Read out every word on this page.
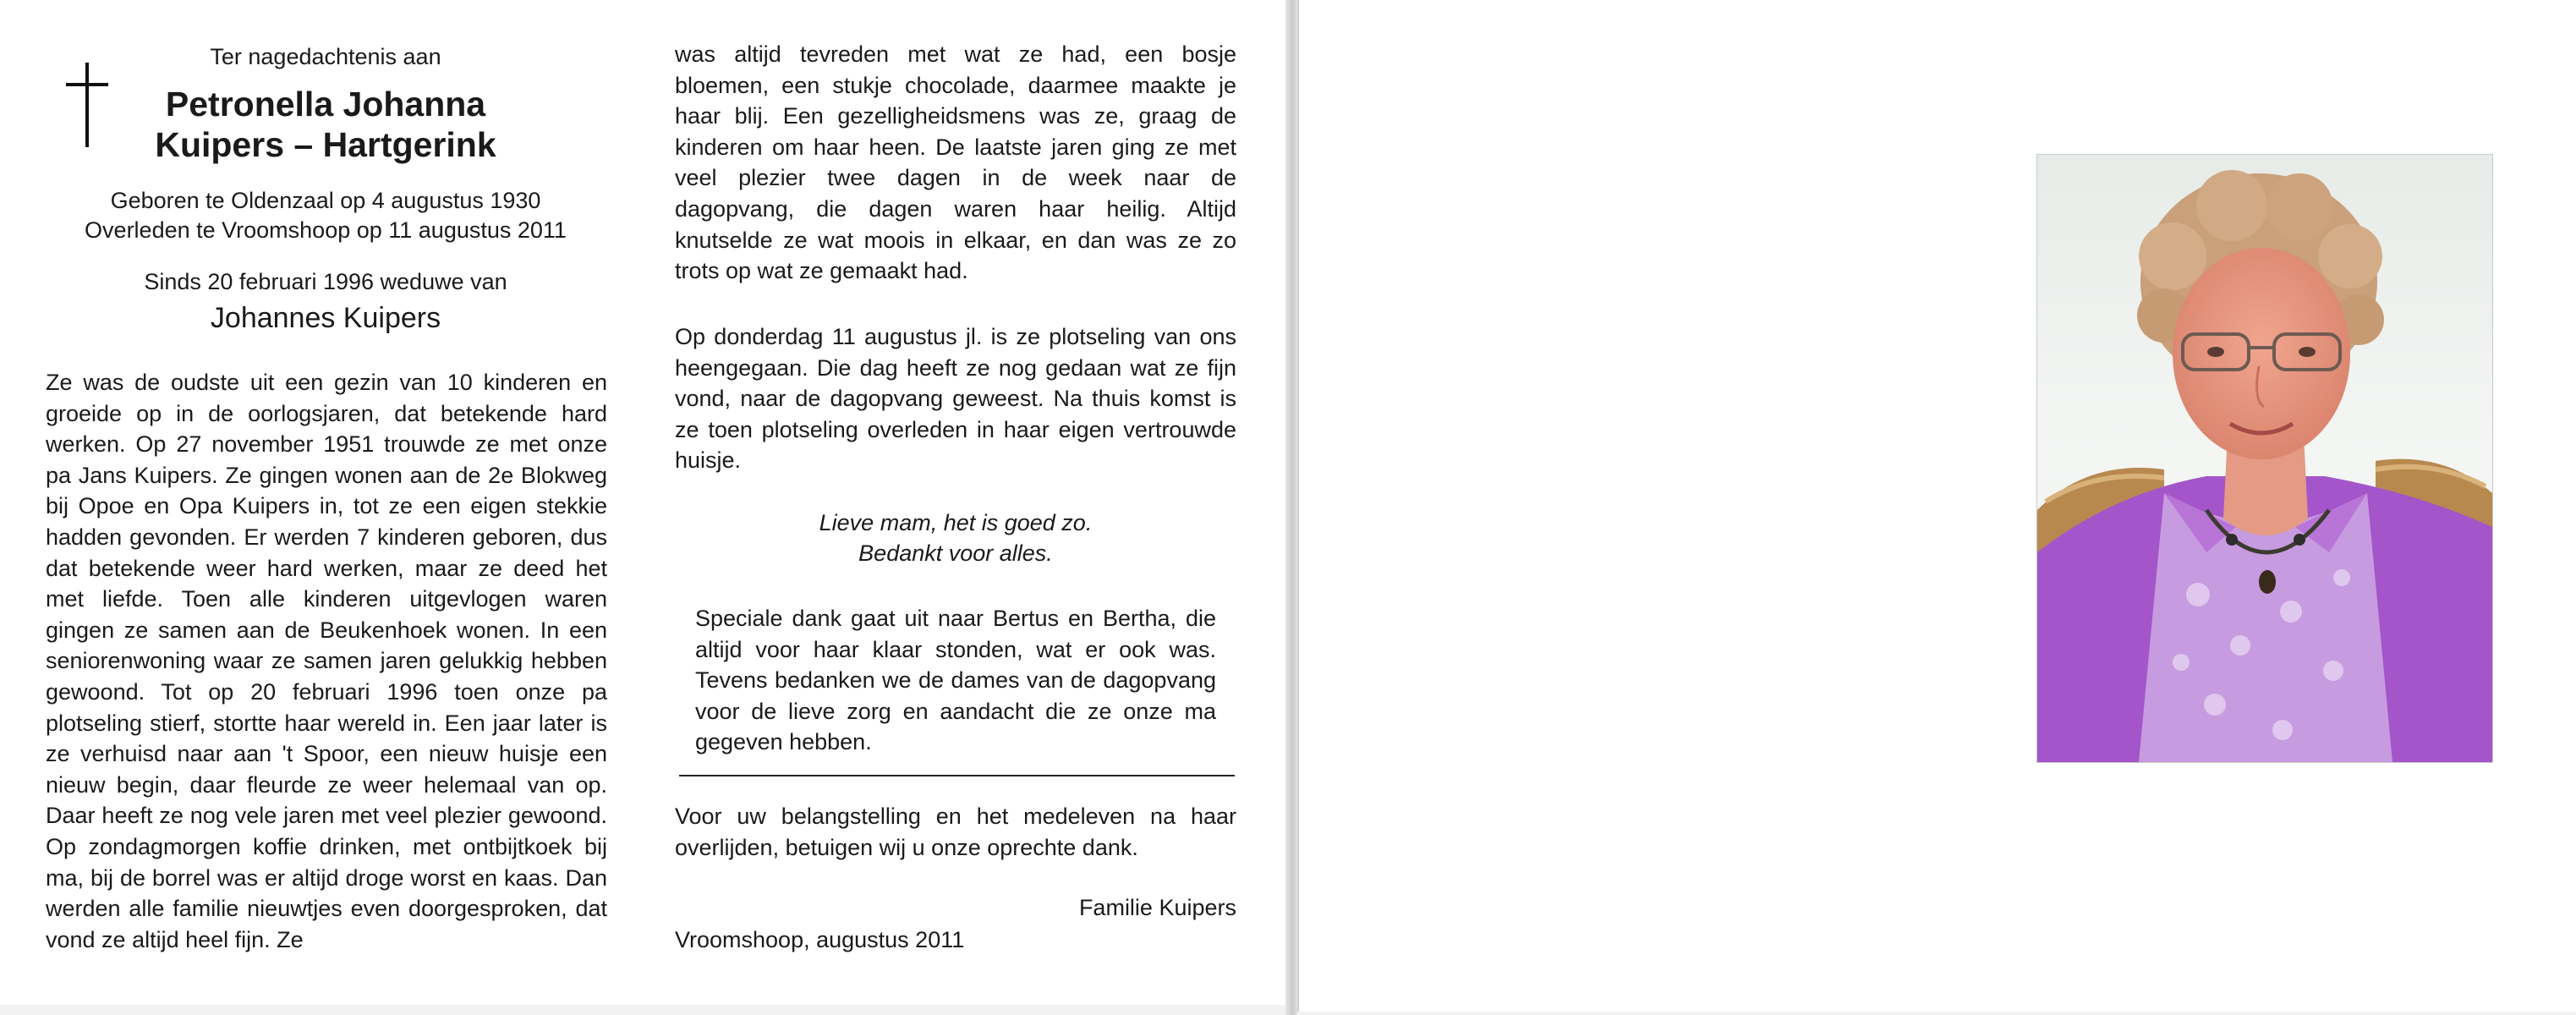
Ter nagedachtenis aan
Petronella Johanna
Kuipers – Hartgerink
Geboren te Oldenzaal op 4 augustus 1930
Overleden te Vroomshoop op 11 augustus 2011
Sinds 20 februari 1996 weduwe van
Johannes Kuipers

Ze was de oudste uit een gezin van 10 kinderen en groeide op in de oorlogsjaren, dat betekende hard werken. Op 27 november 1951 trouwde ze met onze pa Jans Kuipers. Ze gingen wonen aan de 2e Blokweg bij Opoe en Opa Kuipers in, tot ze een eigen stekkie hadden gevonden. Er werden 7 kinderen geboren, dus dat betekende weer hard werken, maar ze deed het met liefde. Toen alle kinderen uitgevlogen waren gingen ze samen aan de Beukenhoek wonen. In een seniorenwoning waar ze samen jaren gelukkig hebben gewoond. Tot op 20 februari 1996 toen onze pa plotseling stierf, stortte haar wereld in. Een jaar later is ze verhuisd naar aan 't Spoor, een nieuw huisje een nieuw begin, daar fleurde ze weer helemaal van op. Daar heeft ze nog vele jaren met veel plezier gewoond. Op zondagmorgen koffie drinken, met ontbijtkoek bij ma, bij de borrel was er altijd droge worst en kaas. Dan werden alle familie nieuwtjes even doorgesproken, dat vond ze altijd heel fijn. Ze

was altijd tevreden met wat ze had, een bosje bloemen, een stukje chocolade, daarmee maakte je haar blij. Een gezelligheidsmens was ze, graag de kinderen om haar heen. De laatste jaren ging ze met veel plezier twee dagen in de week naar de dagopvang, die dagen waren haar heilig. Altijd knutselde ze wat moois in elkaar, en dan was ze zo trots op wat ze gemaakt had.

Op donderdag 11 augustus jl. is ze plotseling van ons heengegaan. Die dag heeft ze nog gedaan wat ze fijn vond, naar de dagopvang geweest. Na thuis komst is ze toen plotseling overleden in haar eigen vertrouwde huisje.

Lieve mam, het is goed zo.
Bedankt voor alles.

Speciale dank gaat uit naar Bertus en Bertha, die altijd voor haar klaar stonden, wat er ook was. Tevens bedanken we de dames van de dagopvang voor de lieve zorg en aandacht die ze onze ma gegeven hebben.

Voor uw belangstelling en het medeleven na haar overlijden, betuigen wij u onze oprechte dank.

Familie Kuipers
Vroomshoop, augustus 2011
